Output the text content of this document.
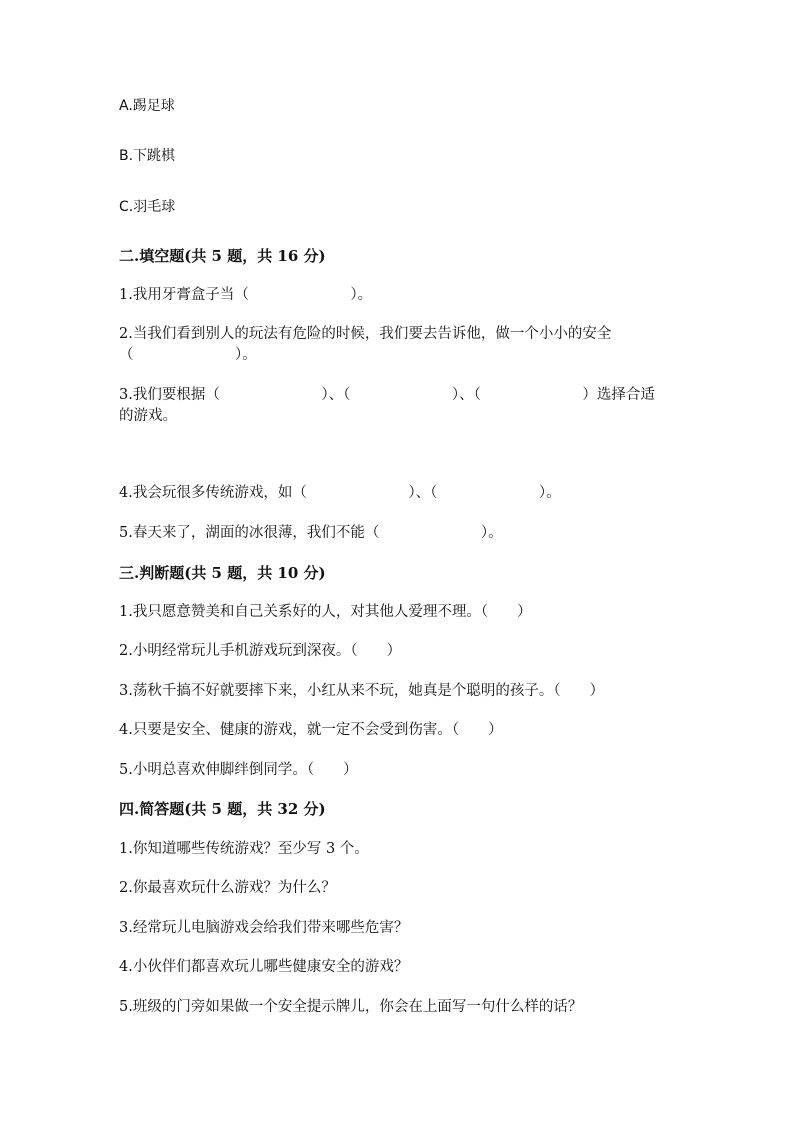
A.踢足球
B.下跳棋
C.羽毛球
二.填空题(共 5 题，共 16 分)
1.我用牙膏盒子当（　　　　　　　）。
2.当我们看到别人的玩法有危险的时候，我们要去告诉他，做一个小小的安全
（　　　　　　　）。
3.我们要根据（　　　　　　　）、（　　　　　　　）、（　　　　　　　）选择合适
的游戏。
4.我会玩很多传统游戏，如（　　　　　　　）、（　　　　　　　）。
5.春天来了，湖面的冰很薄，我们不能（　　　　　　　）。
三.判断题(共 5 题，共 10 分)
1.我只愿意赞美和自己关系好的人，对其他人爱理不理。（　　）
2.小明经常玩儿手机游戏玩到深夜。（　　）
3.荡秋千搞不好就要摔下来，小红从来不玩，她真是个聪明的孩子。（　　）
4.只要是安全、健康的游戏，就一定不会受到伤害。（　　）
5.小明总喜欢伸脚绊倒同学。（　　）
四.简答题(共 5 题，共 32 分)
1.你知道哪些传统游戏？至少写 3 个。
2.你最喜欢玩什么游戏？为什么？
3.经常玩儿电脑游戏会给我们带来哪些危害？
4.小伙伴们都喜欢玩儿哪些健康安全的游戏？
5.班级的门旁如果做一个安全提示牌儿，你会在上面写一句什么样的话？
